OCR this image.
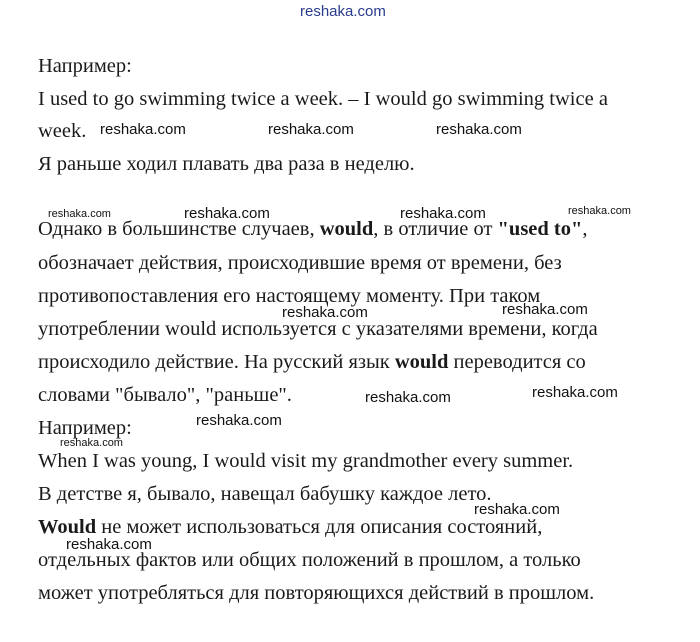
reshaka.com
Например:
I used to go swimming twice a week. – I would go swimming twice a
week.
Я раньше ходил плавать два раза в неделю.
Однако в большинстве случаев, would, в отличие от "used to",
обозначает действия, происходившие время от времени, без
противопоставления его настоящему моменту. При таком
употреблении would используется с указателями времени, когда
происходило действие. На русский язык would переводится со
словами "бывало", "раньше".
Например:
When I was young, I would visit my grandmother every summer.
В детстве я, бывало, навещал бабушку каждое лето.
Would не может использоваться для описания состояний,
отдельных фактов или общих положений в прошлом, а только
может употребляться для повторяющихся действий в прошлом.
reshaka.com	reshaka.com	reshaka.com
reshaka.com	reshaka.com	reshaka.com	reshaka.com
reshaka.com	reshaka.com
reshaka.com	reshaka.com
reshaka.com
reshaka.com
reshaka.com
reshaka.com
